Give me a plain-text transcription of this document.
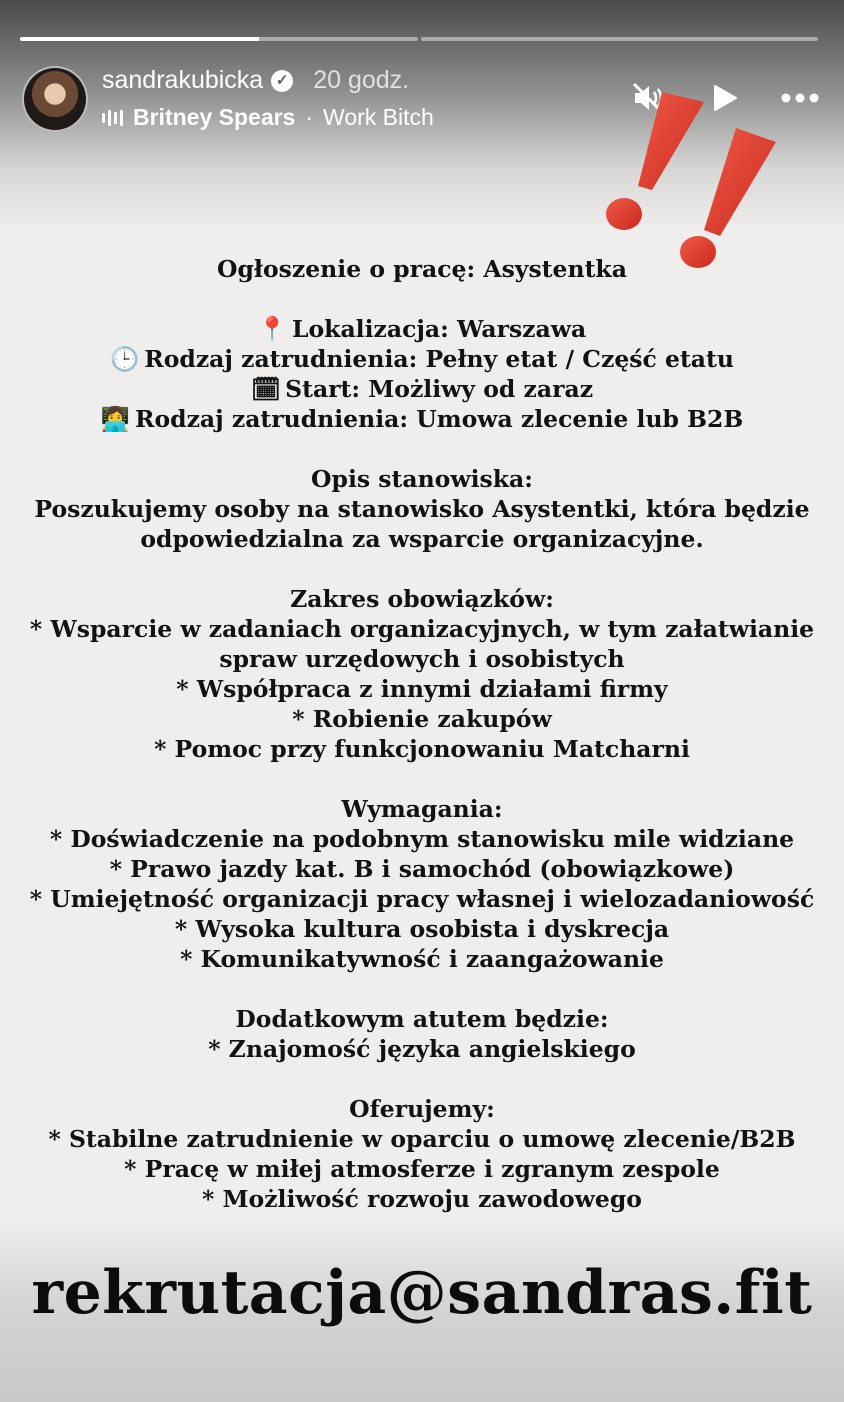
sandrakubicka ✓ 20 godz.
Britney Spears · Work Bitch

Ogłoszenie o pracę: Asystentka

📍 Lokalizacja: Warszawa

🕒 Rodzaj zatrudnienia: Pełny etat / Część etatu

🗓 Start: Możliwy od zaraz

👩‍💻 Rodzaj zatrudnienia: Umowa zlecenie lub B2B

Opis stanowiska:

Poszukujemy osoby na stanowisko Asystentki, która będzie

odpowiedzialna za wsparcie organizacyjne.

Zakres obowiązków:

* Wsparcie w zadaniach organizacyjnych, w tym załatwianie

spraw urzędowych i osobistych

* Współpraca z innymi działami firmy

* Robienie zakupów

* Pomoc przy funkcjonowaniu Matcharni

Wymagania:

* Doświadczenie na podobnym stanowisku mile widziane

* Prawo jazdy kat. B i samochód (obowiązkowe)

* Umiejętność organizacji pracy własnej i wielozadaniowość

* Wysoka kultura osobista i dyskrecja

* Komunikatywność i zaangażowanie

Dodatkowym atutem będzie:

* Znajomość języka angielskiego

Oferujemy:

* Stabilne zatrudnienie w oparciu o umowę zlecenie/B2B

* Pracę w miłej atmosferze i zgranym zespole

* Możliwość rozwoju zawodowego

rekrutacja@sandras.fit
